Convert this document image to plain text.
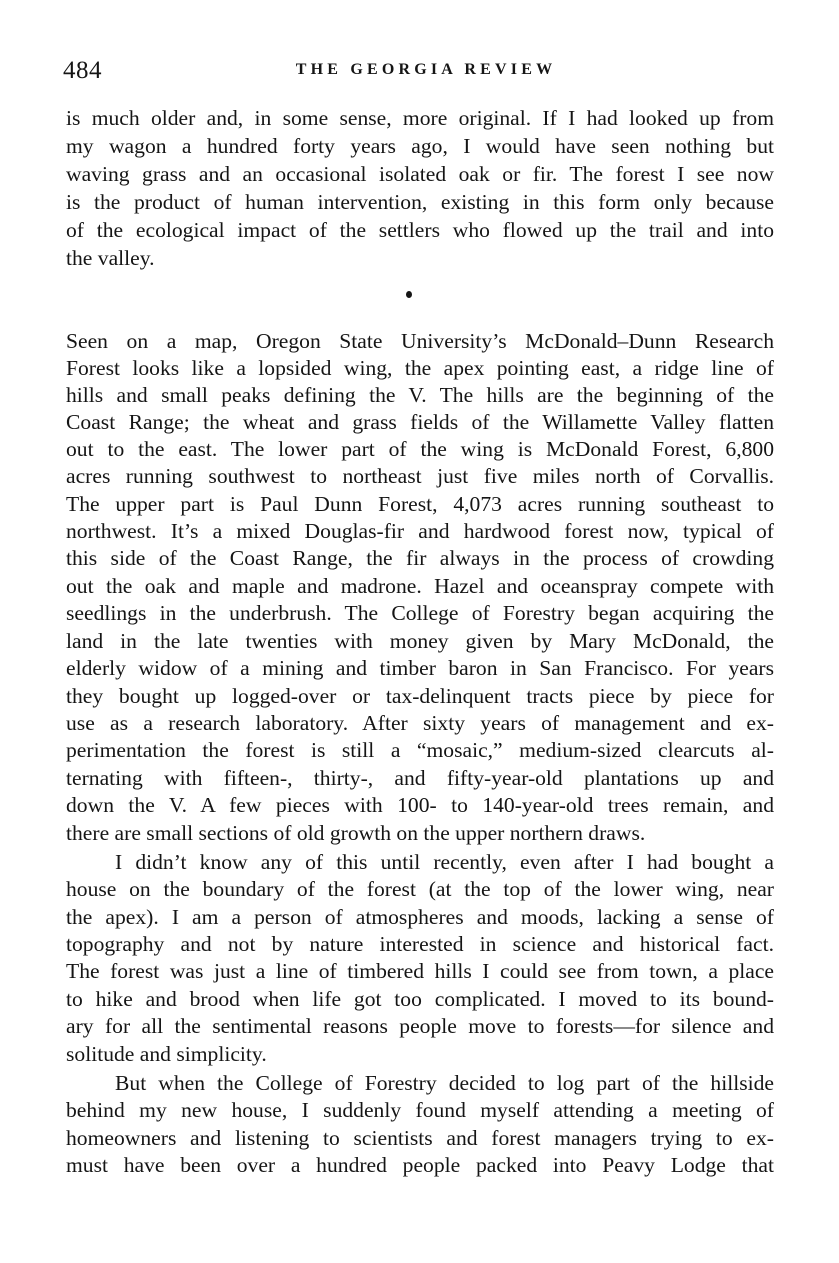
484	THE GEORGIA REVIEW
is much older and, in some sense, more original. If I had looked up from
my wagon a hundred forty years ago, I would have seen nothing but
waving grass and an occasional isolated oak or fir. The forest I see now
is the product of human intervention, existing in this form only because
of the ecological impact of the settlers who flowed up the trail and into
the valley.
Seen on a map, Oregon State University’s McDonald–Dunn Research
Forest looks like a lopsided wing, the apex pointing east, a ridge line of
hills and small peaks defining the V. The hills are the beginning of the
Coast Range; the wheat and grass fields of the Willamette Valley flatten
out to the east. The lower part of the wing is McDonald Forest, 6,800
acres running southwest to northeast just five miles north of Corvallis.
The upper part is Paul Dunn Forest, 4,073 acres running southeast to
northwest. It’s a mixed Douglas-fir and hardwood forest now, typical of
this side of the Coast Range, the fir always in the process of crowding
out the oak and maple and madrone. Hazel and oceanspray compete with
seedlings in the underbrush. The College of Forestry began acquiring the
land in the late twenties with money given by Mary McDonald, the
elderly widow of a mining and timber baron in San Francisco. For years
they bought up logged-over or tax-delinquent tracts piece by piece for
use as a research laboratory. After sixty years of management and ex-
perimentation the forest is still a “mosaic,” medium-sized clearcuts al-
ternating with fifteen-, thirty-, and fifty-year-old plantations up and
down the V. A few pieces with 100- to 140-year-old trees remain, and
there are small sections of old growth on the upper northern draws.
I didn’t know any of this until recently, even after I had bought a
house on the boundary of the forest (at the top of the lower wing, near
the apex). I am a person of atmospheres and moods, lacking a sense of
topography and not by nature interested in science and historical fact.
The forest was just a line of timbered hills I could see from town, a place
to hike and brood when life got too complicated. I moved to its bound-
ary for all the sentimental reasons people move to forests—for silence and
solitude and simplicity.
But when the College of Forestry decided to log part of the hillside
behind my new house, I suddenly found myself attending a meeting of
homeowners and listening to scientists and forest managers trying to ex-
must have been over a hundred people packed into Peavy Lodge that
